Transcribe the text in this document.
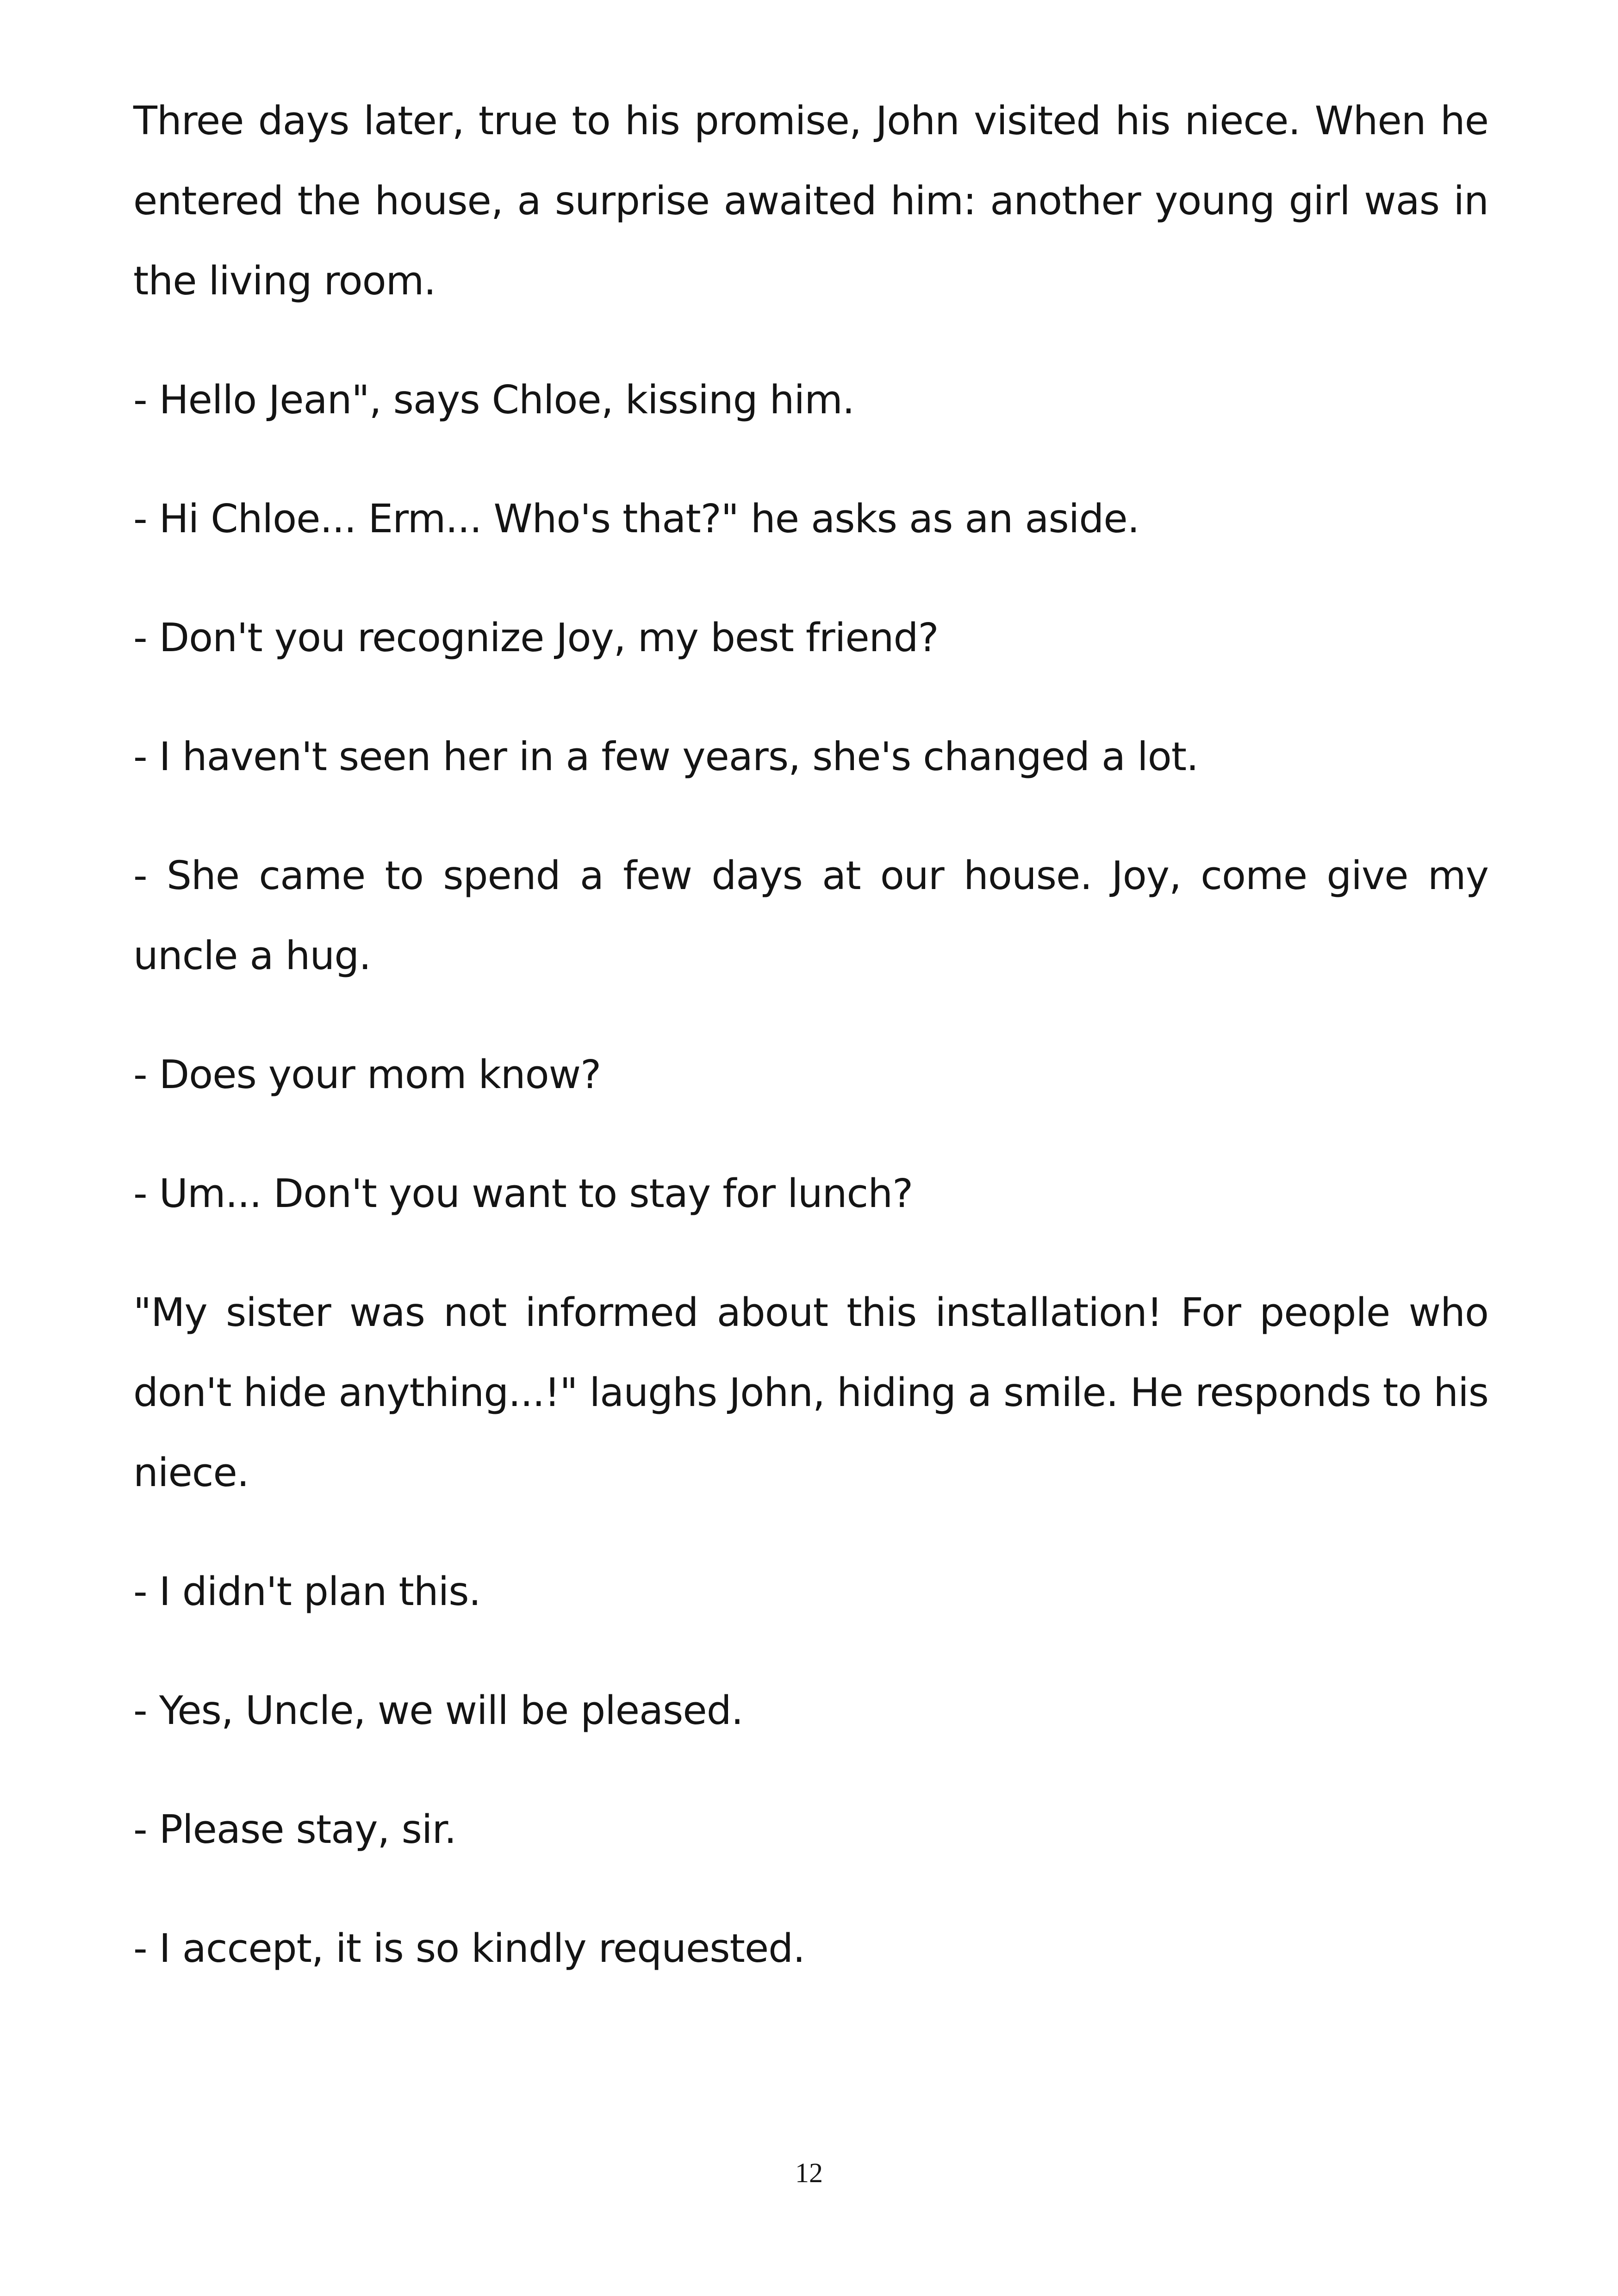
Three days later, true to his promise, John visited his niece. When he entered the house, a surprise awaited him: another young girl was in the living room.

- Hello Jean", says Chloe, kissing him.

- Hi Chloe... Erm... Who's that?" he asks as an aside.

- Don't you recognize Joy, my best friend?

- I haven't seen her in a few years, she's changed a lot.

- She came to spend a few days at our house. Joy, come give my uncle a hug.

- Does your mom know?

- Um... Don't you want to stay for lunch?

"My sister was not informed about this installation! For people who don't hide anything...!" laughs John, hiding a smile. He responds to his niece.

- I didn't plan this.

- Yes, Uncle, we will be pleased.

- Please stay, sir.

- I accept, it is so kindly requested.

12
